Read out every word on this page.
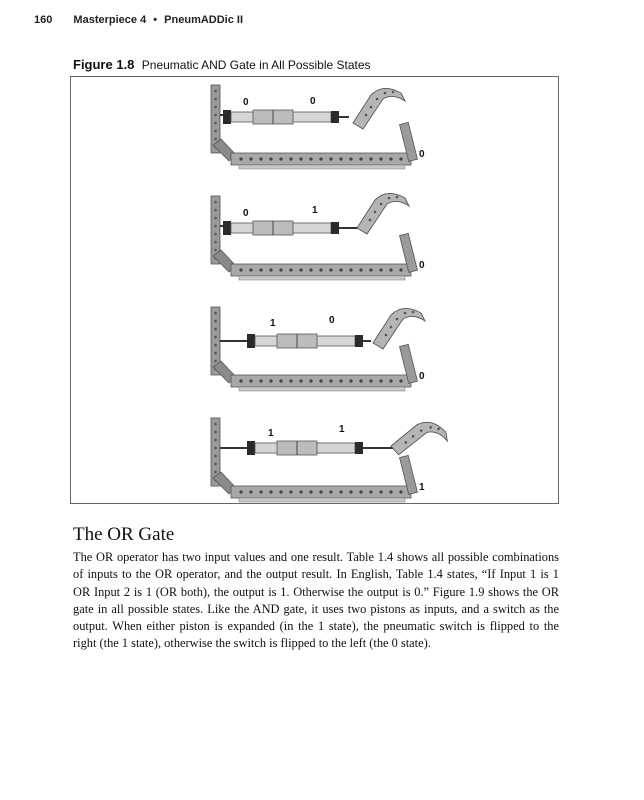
160 Masterpiece 4 • PneumADDic II
Figure 1.8 Pneumatic AND Gate in All Possible States
0	0
0
0	1
0
1	0
0
1	1
1
The OR Gate

The OR operator has two input values and one result. Table 1.4 shows all possible combinations of inputs to the OR operator, and the output result. In English, Table 1.4 states, “If Input 1 is 1 OR Input 2 is 1 (OR both), the output is 1. Otherwise the output is 0.” Figure 1.9 shows the OR gate in all possible states. Like the AND gate, it uses two pistons as inputs, and a switch as the output. When either piston is expanded (in the 1 state), the pneumatic switch is flipped to the right (the 1 state), otherwise the switch is flipped to the left (the 0 state).
